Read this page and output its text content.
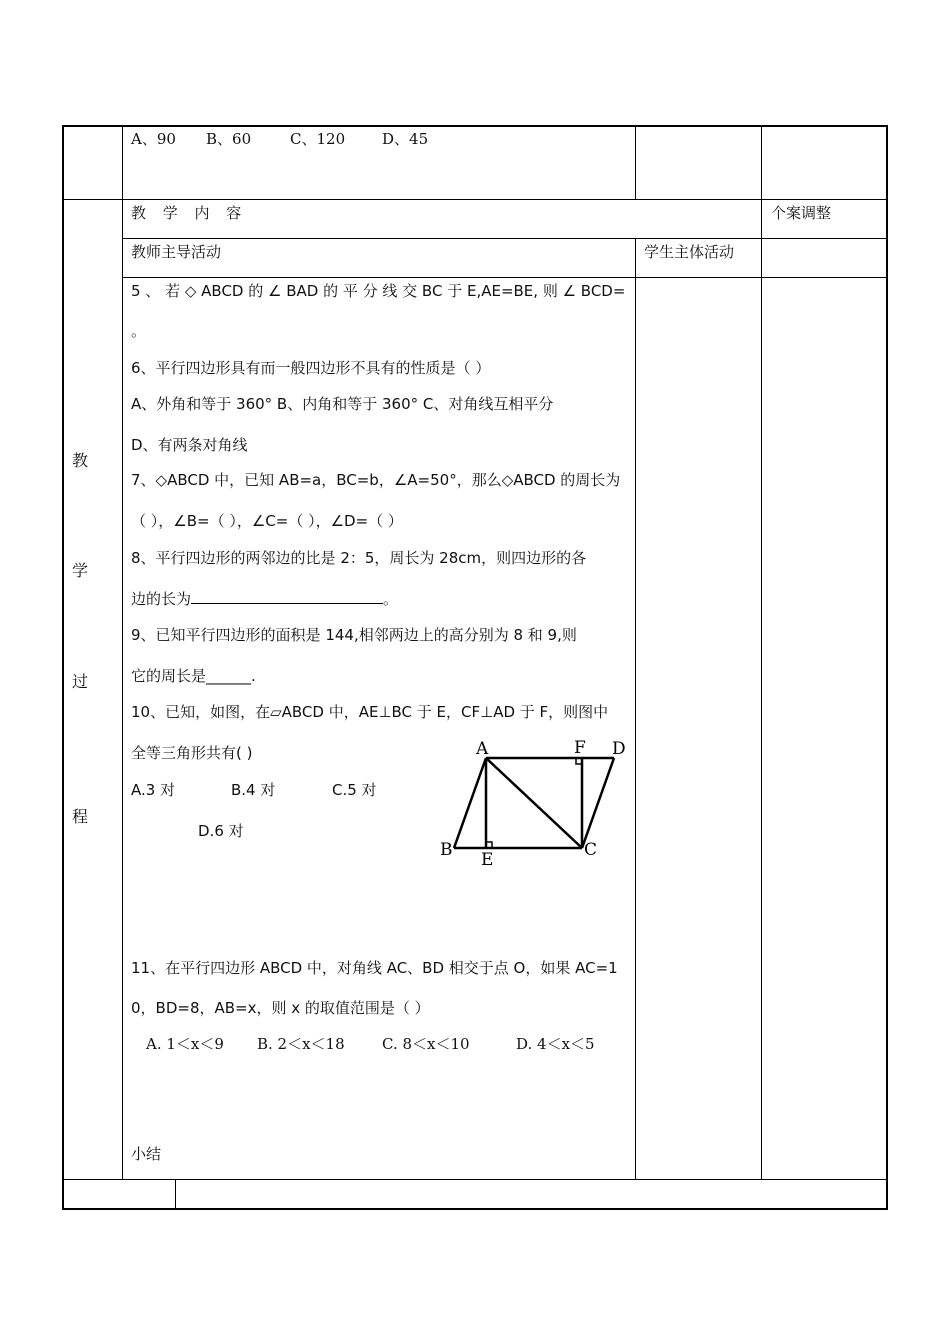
A、90 B、60	C、120 D、45
教 学 内 容	个案调整
教师主导活动	学生主体活动
教
学
过
程
5 、 若 ◇ ABCD 的 ∠ BAD 的 平 分 线 交 BC 于 E,AE=BE, 则 ∠ BCD=
。
6、平行四边形具有而一般四边形不具有的性质是（ ）
A、外角和等于 360° B、内角和等于 360° C、对角线互相平分
D、有两条对角线
7、◇ABCD 中，已知 AB=a，BC=b，∠A=50°，那么◇ABCD 的周长为
（ ），∠B=（ ），∠C=（ ），∠D=（ ）
8、平行四边形的两邻边的比是 2：5，周长为 28cm，则四边形的各
边的长为	。
9、已知平行四边形的面积是 144,相邻两边上的高分别为 8 和 9,则
它的周长是______.
10、已知，如图，在▱ABCD 中，AE⊥BC 于 E，CF⊥AD 于 F，则图中
全等三角形共有( )
A.3 对	B.4 对	C.5 对
D.6 对
A
B	C
D
E
F
11、在平行四边形 ABCD 中，对角线 AC、BD 相交于点 O，如果 AC=1
0，BD=8，AB=x，则 x 的取值范围是（ ）
A. 1＜x＜9 B. 2＜x＜18 C. 8＜x＜10	D. 4＜x＜5
小结
